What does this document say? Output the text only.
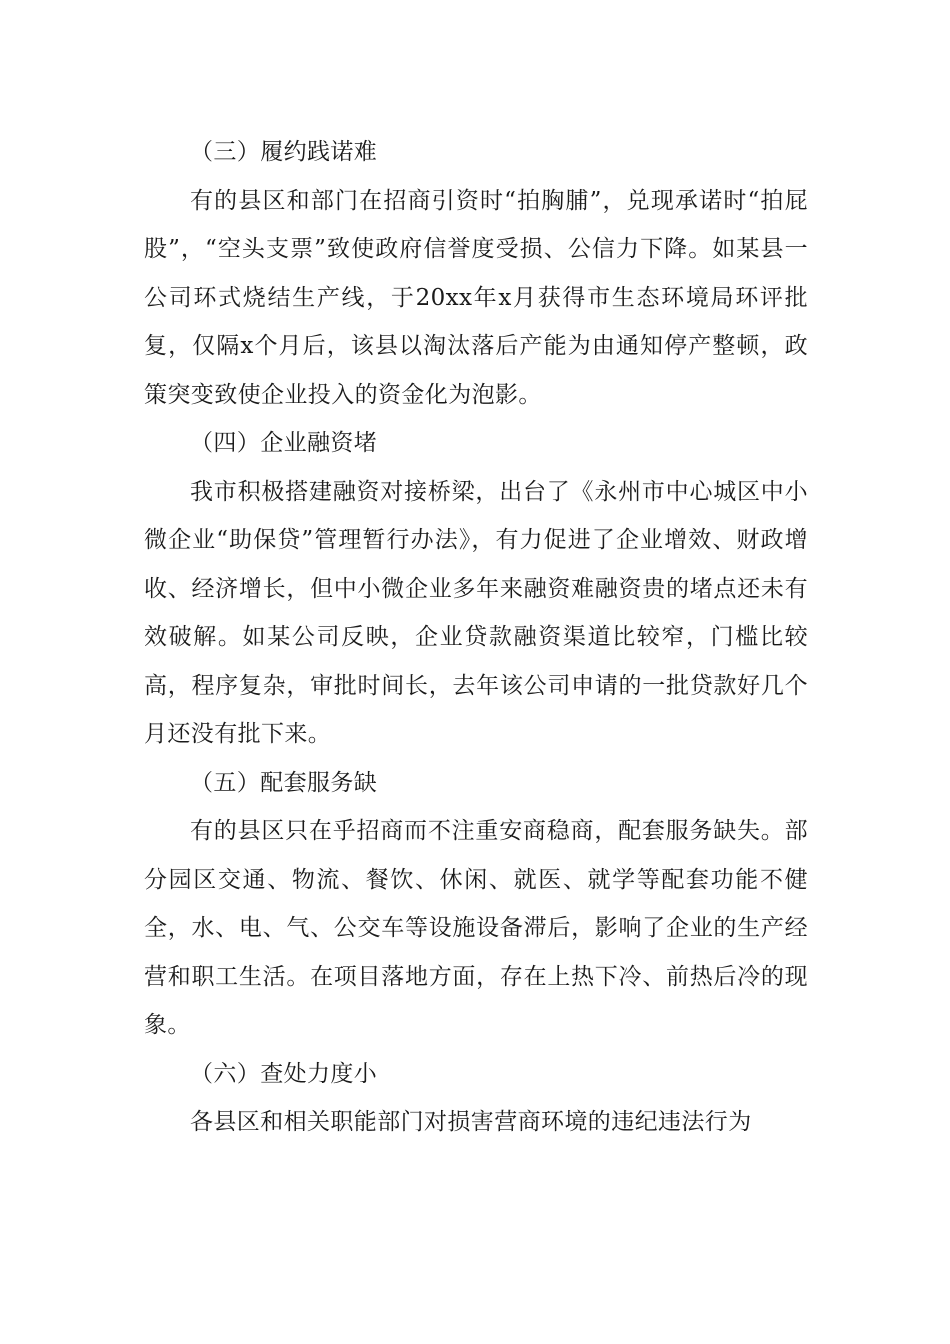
（三）履约践诺难

有的县区和部门在招商引资时“拍胸脯”，兑现承诺时“拍屁股”，“空头支票”致使政府信誉度受损、公信力下降。如某县一公司环式烧结生产线，于20xx年x月获得市生态环境局环评批复，仅隔x个月后，该县以淘汰落后产能为由通知停产整顿，政策突变致使企业投入的资金化为泡影。

（四）企业融资堵

我市积极搭建融资对接桥梁，出台了《永州市中心城区中小微企业“助保贷”管理暂行办法》，有力促进了企业增效、财政增收、经济增长，但中小微企业多年来融资难融资贵的堵点还未有效破解。如某公司反映，企业贷款融资渠道比较窄，门槛比较高，程序复杂，审批时间长，去年该公司申请的一批贷款好几个月还没有批下来。

（五）配套服务缺

有的县区只在乎招商而不注重安商稳商，配套服务缺失。部分园区交通、物流、餐饮、休闲、就医、就学等配套功能不健全，水、电、气、公交车等设施设备滞后，影响了企业的生产经营和职工生活。在项目落地方面，存在上热下冷、前热后冷的现象。

（六）查处力度小

各县区和相关职能部门对损害营商环境的违纪违法行为
